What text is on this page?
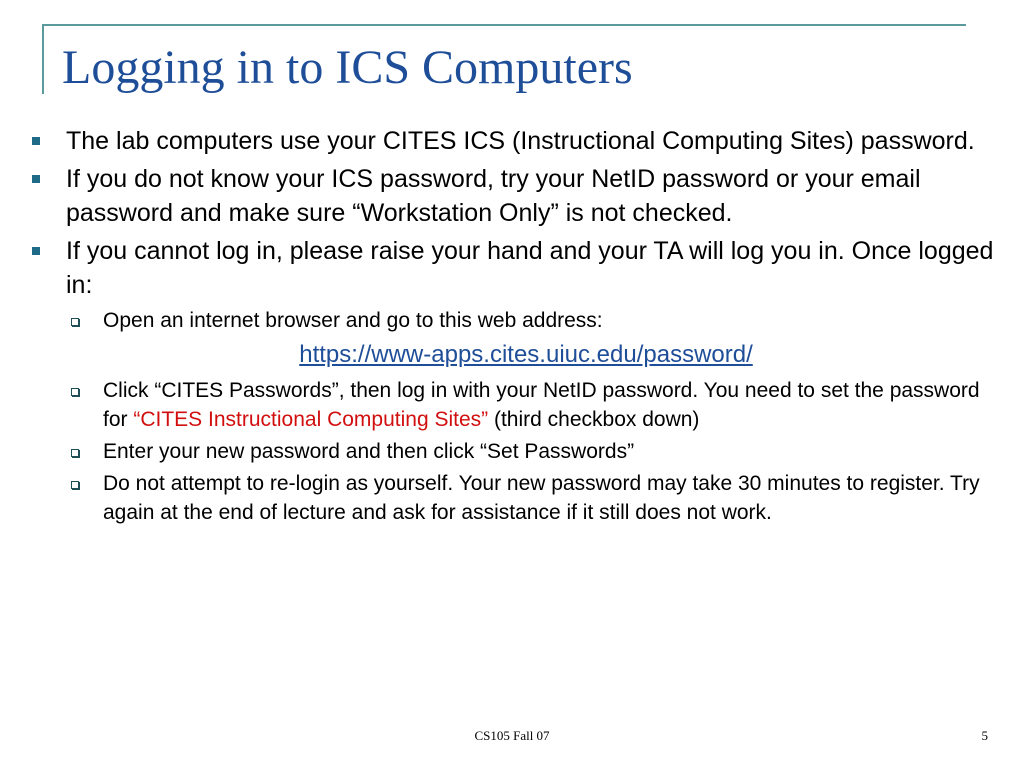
Logging in to ICS Computers
The lab computers use your CITES ICS (Instructional Computing Sites) password.
If you do not know your ICS password, try your NetID password or your email password and make sure “Workstation Only” is not checked.
If you cannot log in, please raise your hand and your TA will log you in. Once logged in:
Open an internet browser and go to this web address:
https://www-apps.cites.uiuc.edu/password/
Click “CITES Passwords”, then log in with your NetID password. You need to set the password for “CITES Instructional Computing Sites” (third checkbox down)
Enter your new password and then click “Set Passwords”
Do not attempt to re-login as yourself. Your new password may take 30 minutes to register. Try again at the end of lecture and ask for assistance if it still does not work.
CS105 Fall 07	5
